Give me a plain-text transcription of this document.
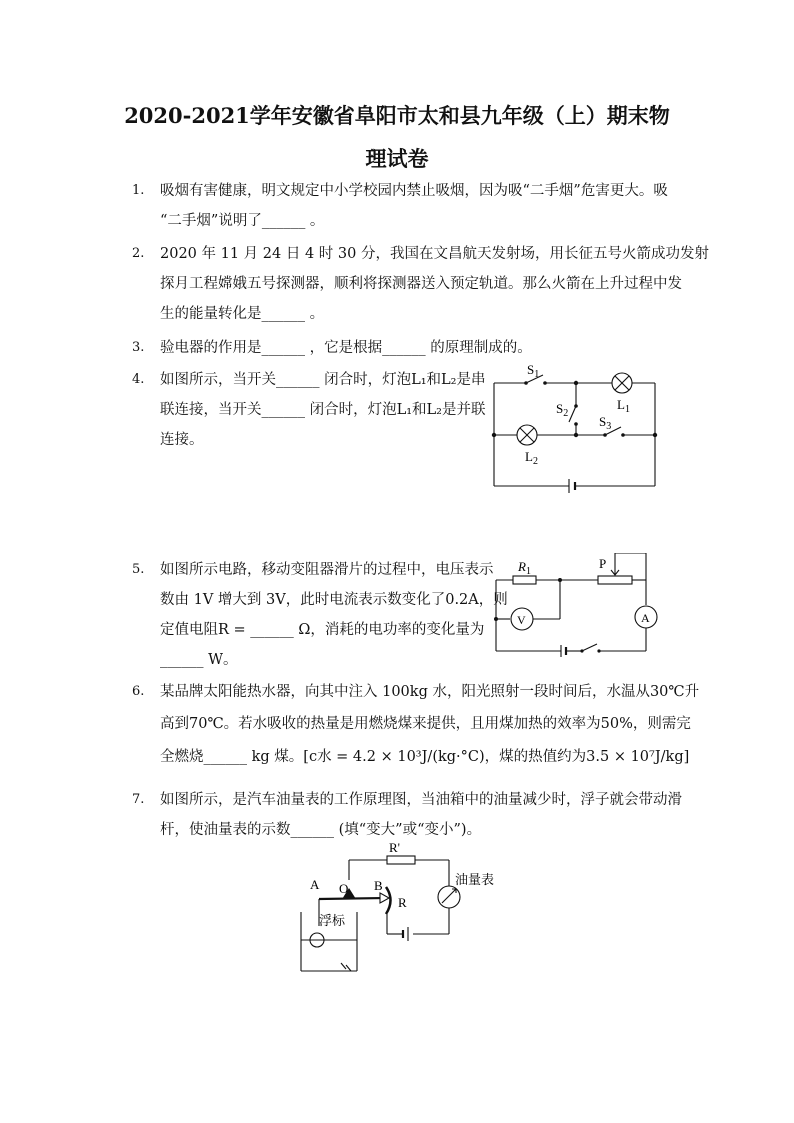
2020-2021学年安徽省阜阳市太和县九年级（上）期末物
理试卷
1. 吸烟有害健康，明文规定中小学校园内禁止吸烟，因为吸“二手烟”危害更大。吸
“二手烟”说明了______ 。
2. 2020 年 11 月 24 日 4 时 30 分，我国在文昌航天发射场，用长征五号火箭成功发射
探月工程嫦娥五号探测器，顺利将探测器送入预定轨道。那么火箭在上升过程中发
生的能量转化是______ 。
3. 验电器的作用是______ ，它是根据______ 的原理制成的。
4. 如图所示，当开关______ 闭合时，灯泡L₁和L₂是串
联连接，当开关______ 闭合时，灯泡L₁和L₂是并联
连接。
$S_1$
$S_2$
$S_3$
$L_1$
$L_2$
5. 如图所示电路，移动变阻器滑片的过程中，电压表示
数由 1V 增大到 3V，此时电流表示数变化了0.2A，则
定值电阻R = ______ Ω，消耗的电功率的变化量为
______ W。
$R_1$
P
V	A
6. 某品牌太阳能热水器，向其中注入 100kg 水，阳光照射一段时间后，水温从30℃升
高到70℃。若水吸收的热量是用燃烧煤来提供，且用煤加热的效率为50%，则需完
全燃烧______ kg 煤。[c水 = 4.2 × 10³J/(kg·°C)，煤的热值约为3.5 × 10⁷J/kg]
7. 如图所示，是汽车油量表的工作原理图，当油箱中的油量减少时，浮子就会带动滑
杆，使油量表的示数______ (填“变大”或“变小”)。
R'
A O B
R
油量表
浮标
